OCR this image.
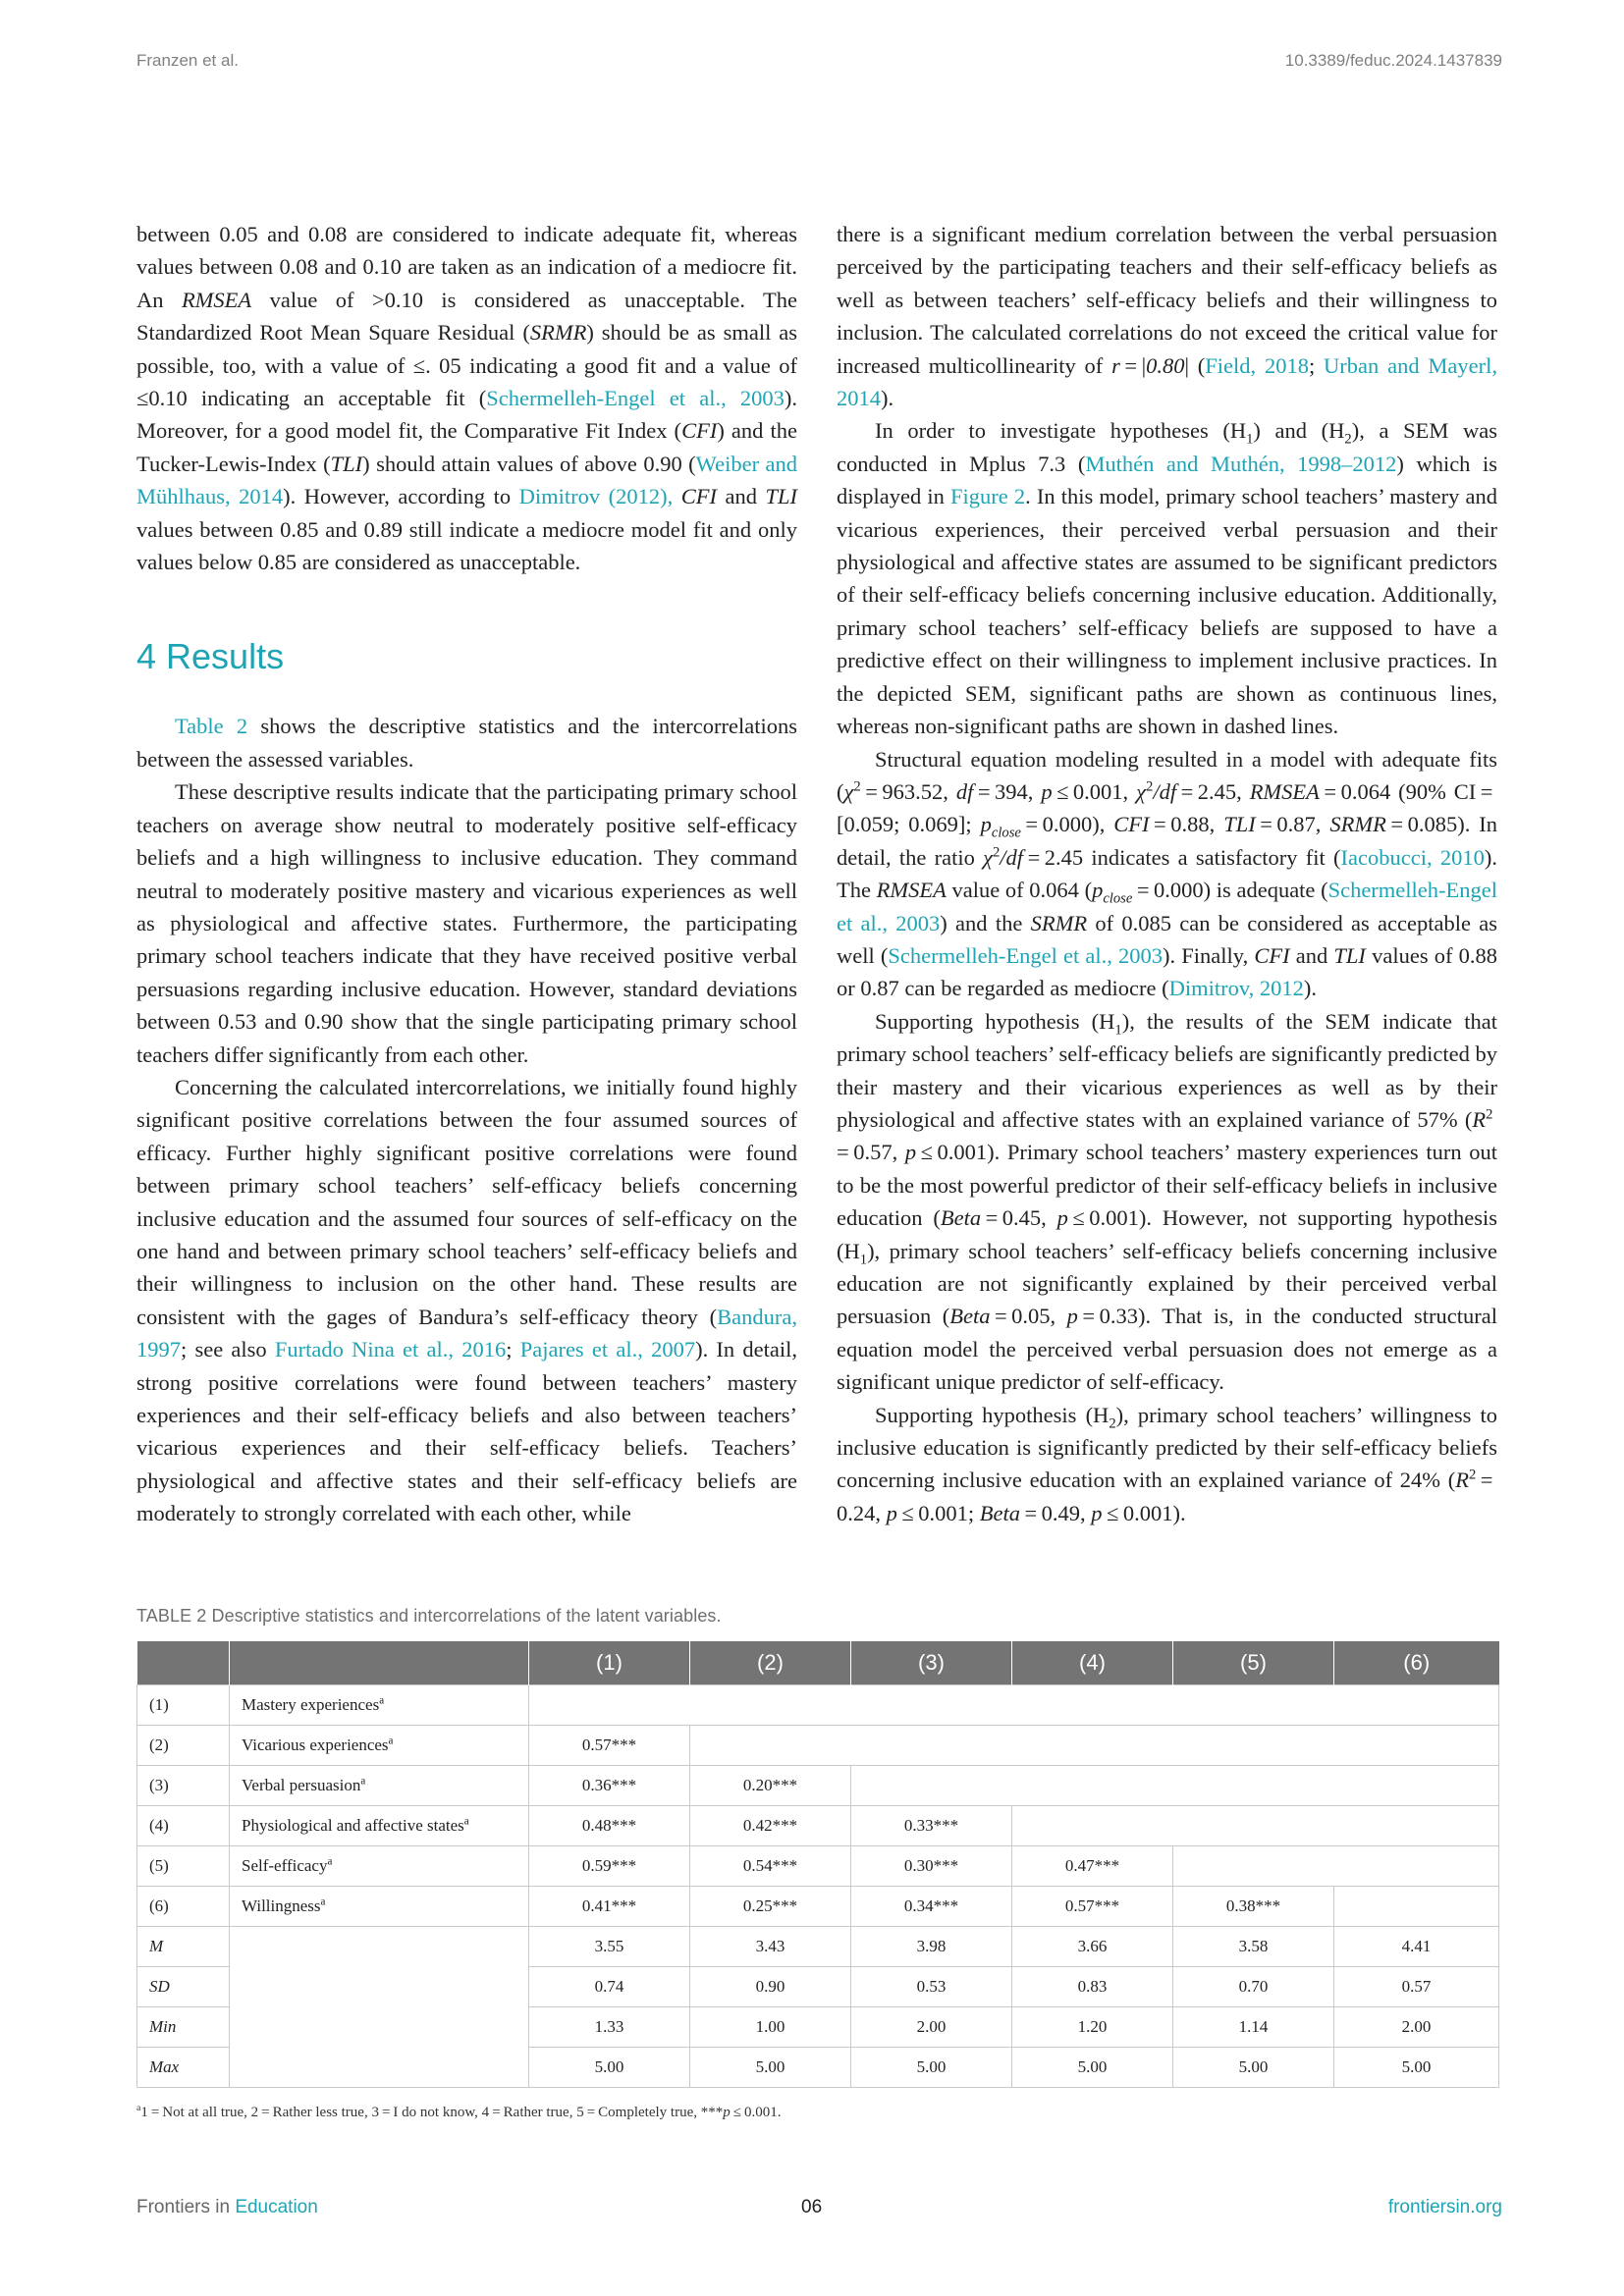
Franzen et al.	10.3389/feduc.2024.1437839

between 0.05 and 0.08 are considered to indicate adequate fit, whereas values between 0.08 and 0.10 are taken as an indication of a mediocre fit. An RMSEA value of >0.10 is considered as unacceptable. The Standardized Root Mean Square Residual (SRMR) should be as small as possible, too, with a value of ≤. 05 indicating a good fit and a value of ≤0.10 indicating an acceptable fit (Schermelleh-Engel et al., 2003). Moreover, for a good model fit, the Comparative Fit Index (CFI) and the Tucker-Lewis-Index (TLI) should attain values of above 0.90 (Weiber and Mühlhaus, 2014). However, according to Dimitrov (2012), CFI and TLI values between 0.85 and 0.89 still indicate a mediocre model fit and only values below 0.85 are considered as unacceptable.

4 Results

Table 2 shows the descriptive statistics and the intercorrelations between the assessed variables.

These descriptive results indicate that the participating primary school teachers on average show neutral to moderately positive self-efficacy beliefs and a high willingness to inclusive education. They command neutral to moderately positive mastery and vicarious experiences as well as physiological and affective states. Furthermore, the participating primary school teachers indicate that they have received positive verbal persuasions regarding inclusive education. However, standard deviations between 0.53 and 0.90 show that the single participating primary school teachers differ significantly from each other.

Concerning the calculated intercorrelations, we initially found highly significant positive correlations between the four assumed sources of efficacy. Further highly significant positive correlations were found between primary school teachers’ self-efficacy beliefs concerning inclusive education and the assumed four sources of self-efficacy on the one hand and between primary school teachers’ self-efficacy beliefs and their willingness to inclusion on the other hand. These results are consistent with the gages of Bandura’s self-efficacy theory (Bandura, 1997; see also Furtado Nina et al., 2016; Pajares et al., 2007). In detail, strong positive correlations were found between teachers’ mastery experiences and their self-efficacy beliefs and also between teachers’ vicarious experiences and their self-efficacy beliefs. Teachers’ physiological and affective states and their self-efficacy beliefs are moderately to strongly correlated with each other, while

there is a significant medium correlation between the verbal persuasion perceived by the participating teachers and their self-efficacy beliefs as well as between teachers’ self-efficacy beliefs and their willingness to inclusion. The calculated correlations do not exceed the critical value for increased multicollinearity of r = |0.80| (Field, 2018; Urban and Mayerl, 2014).

In order to investigate hypotheses $(H_1)$ and $(H_2)$, a SEM was conducted in Mplus 7.3 (Muthén and Muthén, 1998–2012) which is displayed in Figure 2. In this model, primary school teachers’ mastery and vicarious experiences, their perceived verbal persuasion and their physiological and affective states are assumed to be significant predictors of their self-efficacy beliefs concerning inclusive education. Additionally, primary school teachers’ self-efficacy beliefs are supposed to have a predictive effect on their willingness to implement inclusive practices. In the depicted SEM, significant paths are shown as continuous lines, whereas non-significant paths are shown in dashed lines.

Structural equation modeling resulted in a model with adequate fits ($\chi^2 = 963.52$, df = 394, p ≤ 0.001, $\chi^2/df = 2.45$, RMSEA = 0.064 (90% CI = [0.059; 0.069]; $p_{close} = 0.000$), CFI = 0.88, TLI = 0.87, SRMR = 0.085). In detail, the ratio $\chi^2/df = 2.45$ indicates a satisfactory fit (Iacobucci, 2010). The RMSEA value of 0.064 $(p_{close} = 0.000)$ is adequate (Schermelleh-Engel et al., 2003) and the SRMR of 0.085 can be considered as acceptable as well (Schermelleh-Engel et al., 2003). Finally, CFI and TLI values of 0.88 or 0.87 can be regarded as mediocre (Dimitrov, 2012).

Supporting hypothesis $(H_1)$, the results of the SEM indicate that primary school teachers’ self-efficacy beliefs are significantly predicted by their mastery and their vicarious experiences as well as by their physiological and affective states with an explained variance of 57% ($R^2 = 0.57$, p ≤ 0.001). Primary school teachers’ mastery experiences turn out to be the most powerful predictor of their self-efficacy beliefs in inclusive education (Beta = 0.45, p ≤ 0.001). However, not supporting hypothesis $(H_1)$, primary school teachers’ self-efficacy beliefs concerning inclusive education are not significantly explained by their perceived verbal persuasion (Beta = 0.05, p = 0.33). That is, in the conducted structural equation model the perceived verbal persuasion does not emerge as a significant unique predictor of self-efficacy.

Supporting hypothesis $(H_2)$, primary school teachers’ willingness to inclusive education is significantly predicted by their self-efficacy beliefs concerning inclusive education with an explained variance of 24% ($R^2 = 0.24$, p ≤ 0.001; Beta = 0.49, p ≤ 0.001).

TABLE 2 Descriptive statistics and intercorrelations of the latent variables.
		(1)	(2)	(3)	(4)	(5)	(6)
(1)	Mastery experiences$^a$	
(2)	Vicarious experiences$^a$	0.57***					
(3)	Verbal persuasion$^a$	0.36***	0.20***				
(4)	Physiological and affective states$^a$	0.48***	0.42***	0.33***			
(5)	Self-efficacy$^a$	0.59***	0.54***	0.30***	0.47***		
(6)	Willingness$^a$	0.41***	0.25***	0.34***	0.57***	0.38***	
M		3.55	3.43	3.98	3.66	3.58	4.41
SD		0.74	0.90	0.53	0.83	0.70	0.57
Min		1.33	1.00	2.00	1.20	1.14	2.00
Max		5.00	5.00	5.00	5.00	5.00	5.00
$^a$1 = Not at all true, 2 = Rather less true, 3 = I do not know, 4 = Rather true, 5 = Completely true, ***p ≤ 0.001.
Frontiers in Education	06	frontiersin.org
